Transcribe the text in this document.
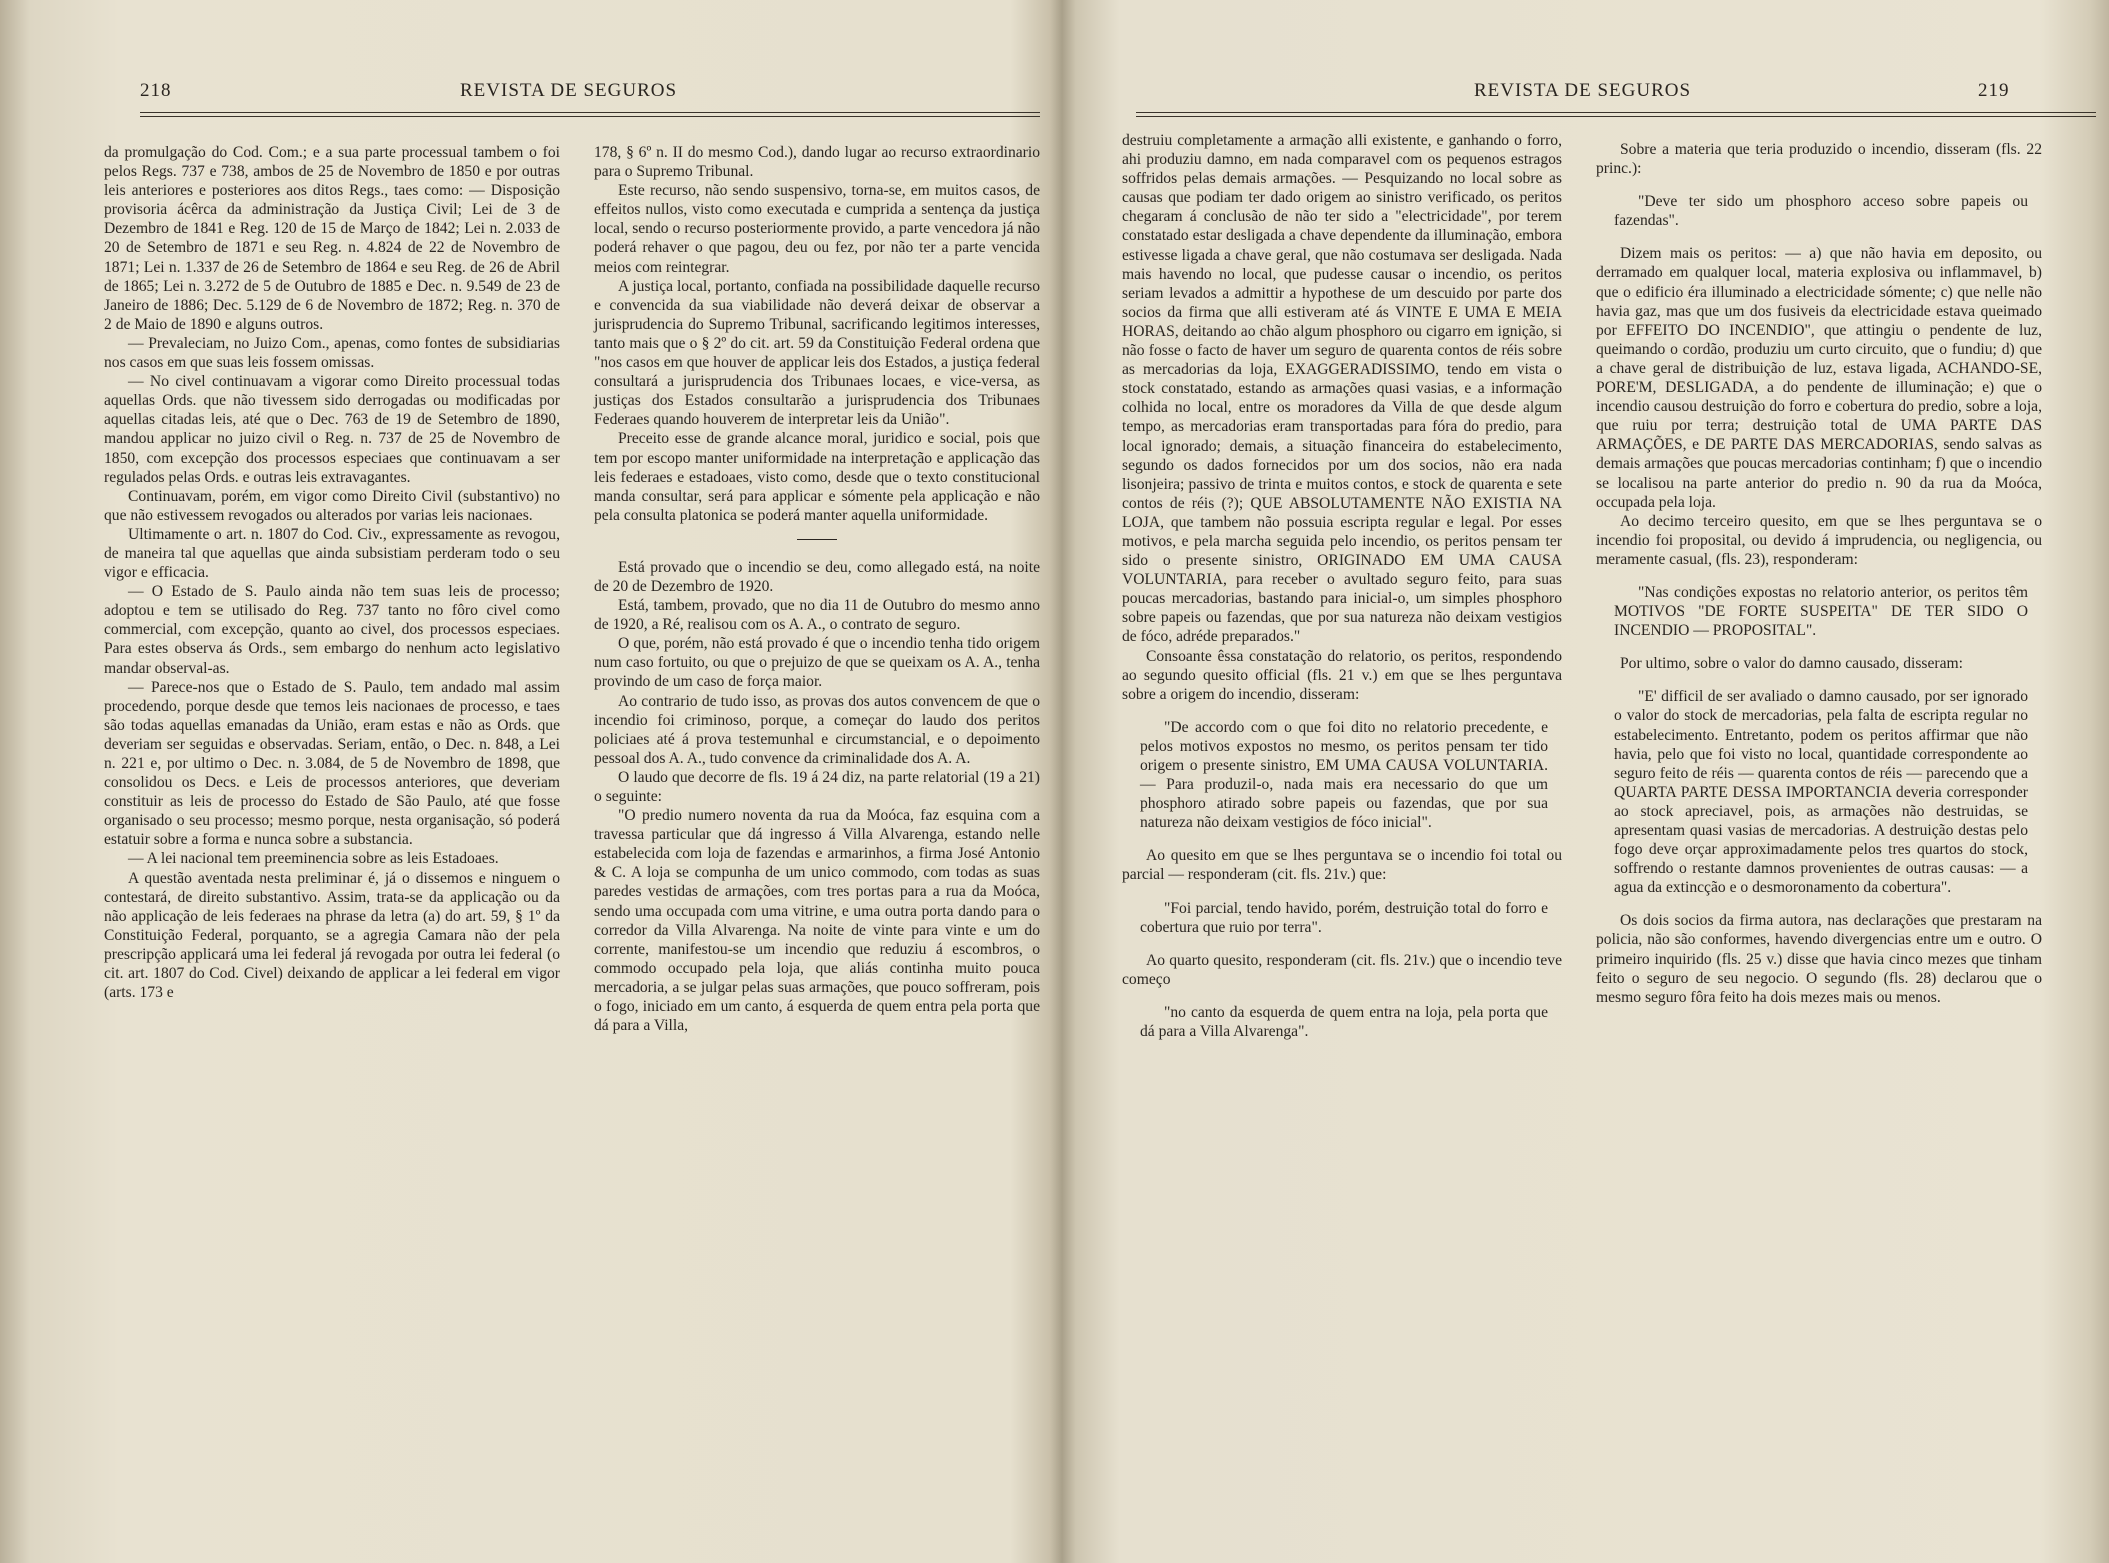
218	REVISTA DE SEGUROS

da promulgação do Cod. Com.; e a sua parte processual tambem o foi pelos Regs. 737 e 738, ambos de 25 de Novembro de 1850 e por outras leis anteriores e posteriores aos ditos Regs., taes como: — Disposição provisoria ácêrca da administração da Justiça Civil; Lei de 3 de Dezembro de 1841 e Reg. 120 de 15 de Março de 1842; Lei n. 2.033 de 20 de Setembro de 1871 e seu Reg. n. 4.824 de 22 de Novembro de 1871; Lei n. 1.337 de 26 de Setembro de 1864 e seu Reg. de 26 de Abril de 1865; Lei n. 3.272 de 5 de Outubro de 1885 e Dec. n. 9.549 de 23 de Janeiro de 1886; Dec. 5.129 de 6 de Novembro de 1872; Reg. n. 370 de 2 de Maio de 1890 e alguns outros.

— Prevaleciam, no Juizo Com., apenas, como fontes de subsidiarias nos casos em que suas leis fossem omissas.

— No civel continuavam a vigorar como Direito processual todas aquellas Ords. que não tivessem sido derrogadas ou modificadas por aquellas citadas leis, até que o Dec. 763 de 19 de Setembro de 1890, mandou applicar no juizo civil o Reg. n. 737 de 25 de Novembro de 1850, com excepção dos processos especiaes que continuavam a ser regulados pelas Ords. e outras leis extravagantes.

Continuavam, porém, em vigor como Direito Civil (substantivo) no que não estivessem revogados ou alterados por varias leis nacionaes.

Ultimamente o art. n. 1807 do Cod. Civ., expressamente as revogou, de maneira tal que aquellas que ainda subsistiam perderam todo o seu vigor e efficacia.

— O Estado de S. Paulo ainda não tem suas leis de processo; adoptou e tem se utilisado do Reg. 737 tanto no fôro civel como commercial, com excepção, quanto ao civel, dos processos especiaes. Para estes observa ás Ords., sem embargo do nenhum acto legislativo mandar observal-as.

— Parece-nos que o Estado de S. Paulo, tem andado mal assim procedendo, porque desde que temos leis nacionaes de processo, e taes são todas aquellas emanadas da União, eram estas e não as Ords. que deveriam ser seguidas e observadas. Seriam, então, o Dec. n. 848, a Lei n. 221 e, por ultimo o Dec. n. 3.084, de 5 de Novembro de 1898, que consolidou os Decs. e Leis de processos anteriores, que deveriam constituir as leis de processo do Estado de São Paulo, até que fosse organisado o seu processo; mesmo porque, nesta organisação, só poderá estatuir sobre a forma e nunca sobre a substancia.

— A lei nacional tem preeminencia sobre as leis Estadoaes.

A questão aventada nesta preliminar é, já o dissemos e ninguem o contestará, de direito substantivo. Assim, trata-se da applicação ou da não applicação de leis federaes na phrase da letra (a) do art. 59, § 1º da Constituição Federal, porquanto, se a agregia Camara não der pela prescripção applicará uma lei federal já revogada por outra lei federal (o cit. art. 1807 do Cod. Civel) deixando de applicar a lei federal em vigor (arts. 173 e

178, § 6º n. II do mesmo Cod.), dando lugar ao recurso extraordinario para o Supremo Tribunal.

Este recurso, não sendo suspensivo, torna-se, em muitos casos, de effeitos nullos, visto como executada e cumprida a sentença da justiça local, sendo o recurso posteriormente provido, a parte vencedora já não poderá rehaver o que pagou, deu ou fez, por não ter a parte vencida meios com reintegrar.

A justiça local, portanto, confiada na possibilidade daquelle recurso e convencida da sua viabilidade não deverá deixar de observar a jurisprudencia do Supremo Tribunal, sacrificando legitimos interesses, tanto mais que o § 2º do cit. art. 59 da Constituição Federal ordena que "nos casos em que houver de applicar leis dos Estados, a justiça federal consultará a jurisprudencia dos Tribunaes locaes, e vice-versa, as justiças dos Estados consultarão a jurisprudencia dos Tribunaes Federaes quando houverem de interpretar leis da União".

Preceito esse de grande alcance moral, juridico e social, pois que tem por escopo manter uniformidade na interpretação e applicação das leis federaes e estadoaes, visto como, desde que o texto constitucional manda consultar, será para applicar e sómente pela applicação e não pela consulta platonica se poderá manter aquella uniformidade.

Está provado que o incendio se deu, como allegado está, na noite de 20 de Dezembro de 1920.

Está, tambem, provado, que no dia 11 de Outubro do mesmo anno de 1920, a Ré, realisou com os A. A., o contrato de seguro.

O que, porém, não está provado é que o incendio tenha tido origem num caso fortuito, ou que o prejuizo de que se queixam os A. A., tenha provindo de um caso de força maior.

Ao contrario de tudo isso, as provas dos autos convencem de que o incendio foi criminoso, porque, a começar do laudo dos peritos policiaes até á prova testemunhal e circumstancial, e o depoimento pessoal dos A. A., tudo convence da criminalidade dos A. A.

O laudo que decorre de fls. 19 á 24 diz, na parte relatorial (19 a 21) o seguinte:

"O predio numero noventa da rua da Moóca, faz esquina com a travessa particular que dá ingresso á Villa Alvarenga, estando nelle estabelecida com loja de fazendas e armarinhos, a firma José Antonio & C. A loja se compunha de um unico commodo, com todas as suas paredes vestidas de armações, com tres portas para a rua da Moóca, sendo uma occupada com uma vitrine, e uma outra porta dando para o corredor da Villa Alvarenga. Na noite de vinte para vinte e um do corrente, manifestou-se um incendio que reduziu á escombros, o commodo occupado pela loja, que aliás continha muito pouca mercadoria, a se julgar pelas suas armações, que pouco soffreram, pois o fogo, iniciado em um canto, á esquerda de quem entra pela porta que dá para a Villa,

REVISTA DE SEGUROS	219

destruiu completamente a armação alli existente, e ganhando o forro, ahi produziu damno, em nada comparavel com os pequenos estragos soffridos pelas demais armações. — Pesquizando no local sobre as causas que podiam ter dado origem ao sinistro verificado, os peritos chegaram á conclusão de não ter sido a "electricidade", por terem constatado estar desligada a chave dependente da illuminação, embora estivesse ligada a chave geral, que não costumava ser desligada. Nada mais havendo no local, que pudesse causar o incendio, os peritos seriam levados a admittir a hypothese de um descuido por parte dos socios da firma que alli estiveram até ás VINTE E UMA E MEIA HORAS, deitando ao chão algum phosphoro ou cigarro em ignição, si não fosse o facto de haver um seguro de quarenta contos de réis sobre as mercadorias da loja, EXAGGERADISSIMO, tendo em vista o stock constatado, estando as armações quasi vasias, e a informação colhida no local, entre os moradores da Villa de que desde algum tempo, as mercadorias eram transportadas para fóra do predio, para local ignorado; demais, a situação financeira do estabelecimento, segundo os dados fornecidos por um dos socios, não era nada lisonjeira; passivo de trinta e muitos contos, e stock de quarenta e sete contos de réis (?); QUE ABSOLUTAMENTE NÃO EXISTIA NA LOJA, que tambem não possuia escripta regular e legal. Por esses motivos, e pela marcha seguida pelo incendio, os peritos pensam ter sido o presente sinistro, ORIGINADO EM UMA CAUSA VOLUNTARIA, para receber o avultado seguro feito, para suas poucas mercadorias, bastando para inicial-o, um simples phosphoro sobre papeis ou fazendas, que por sua natureza não deixam vestigios de fóco, adréde preparados."

Consoante êssa constatação do relatorio, os peritos, respondendo ao segundo quesito official (fls. 21 v.) em que se lhes perguntava sobre a origem do incendio, disseram:

"De accordo com o que foi dito no relatorio precedente, e pelos motivos expostos no mesmo, os peritos pensam ter tido origem o presente sinistro, EM UMA CAUSA VOLUNTARIA. — Para produzil-o, nada mais era necessario do que um phosphoro atirado sobre papeis ou fazendas, que por sua natureza não deixam vestigios de fóco inicial".

Ao quesito em que se lhes perguntava se o incendio foi total ou parcial — responderam (cit. fls. 21v.) que:

"Foi parcial, tendo havido, porém, destruição total do forro e cobertura que ruio por terra".

Ao quarto quesito, responderam (cit. fls. 21v.) que o incendio teve começo

"no canto da esquerda de quem entra na loja, pela porta que dá para a Villa Alvarenga".

Sobre a materia que teria produzido o incendio, disseram (fls. 22 princ.):

"Deve ter sido um phosphoro acceso sobre papeis ou fazendas".

Dizem mais os peritos: — a) que não havia em deposito, ou derramado em qualquer local, materia explosiva ou inflammavel, b) que o edificio éra illuminado a electricidade sómente; c) que nelle não havia gaz, mas que um dos fusiveis da electricidade estava queimado por EFFEITO DO INCENDIO", que attingiu o pendente de luz, queimando o cordão, produziu um curto circuito, que o fundiu; d) que a chave geral de distribuição de luz, estava ligada, ACHANDO-SE, PORE'M, DESLIGADA, a do pendente de illuminação; e) que o incendio causou destruição do forro e cobertura do predio, sobre a loja, que ruiu por terra; destruição total de UMA PARTE DAS ARMAÇÕES, e DE PARTE DAS MERCADORIAS, sendo salvas as demais armações que poucas mercadorias continham; f) que o incendio se localisou na parte anterior do predio n. 90 da rua da Moóca, occupada pela loja.

Ao decimo terceiro quesito, em que se lhes perguntava se o incendio foi proposital, ou devido á imprudencia, ou negligencia, ou meramente casual, (fls. 23), responderam:

"Nas condições expostas no relatorio anterior, os peritos têm MOTIVOS "DE FORTE SUSPEITA" DE TER SIDO O INCENDIO — PROPOSITAL".

Por ultimo, sobre o valor do damno causado, disseram:

"E' difficil de ser avaliado o damno causado, por ser ignorado o valor do stock de mercadorias, pela falta de escripta regular no estabelecimento. Entretanto, podem os peritos affirmar que não havia, pelo que foi visto no local, quantidade correspondente ao seguro feito de réis — quarenta contos de réis — parecendo que a QUARTA PARTE DESSA IMPORTANCIA deveria corresponder ao stock apreciavel, pois, as armações não destruidas, se apresentam quasi vasias de mercadorias. A destruição destas pelo fogo deve orçar approximadamente pelos tres quartos do stock, soffrendo o restante damnos provenientes de outras causas: — a agua da extincção e o desmoronamento da cobertura".

Os dois socios da firma autora, nas declarações que prestaram na policia, não são conformes, havendo divergencias entre um e outro. O primeiro inquirido (fls. 25 v.) disse que havia cinco mezes que tinham feito o seguro de seu negocio. O segundo (fls. 28) declarou que o mesmo seguro fôra feito ha dois mezes mais ou menos.
